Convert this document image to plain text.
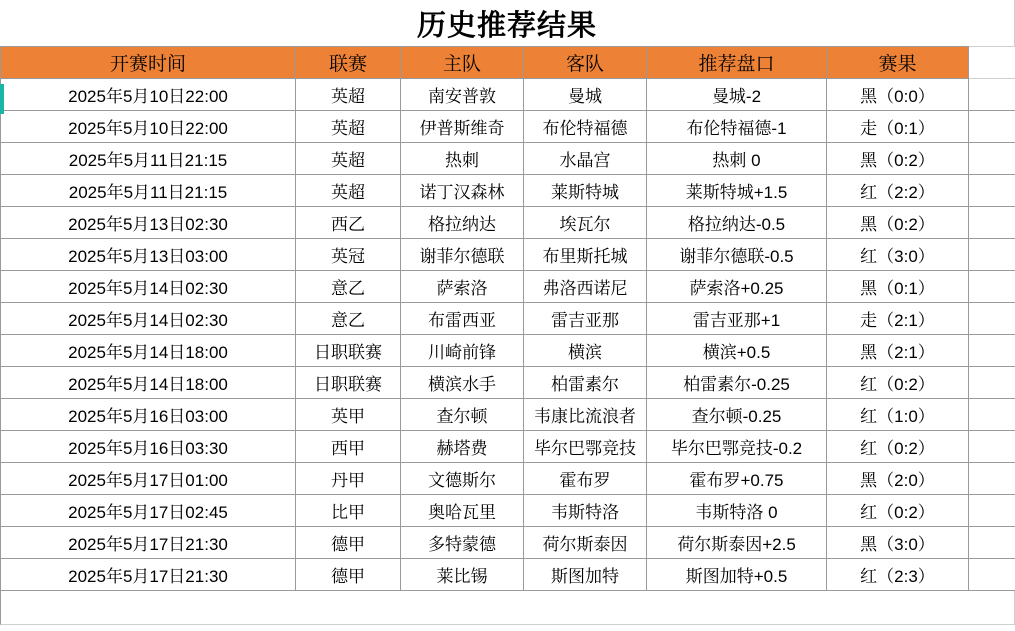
历史推荐结果
开赛时间	联赛	主队	客队	推荐盘口	赛果	
2025年5月10日22:00	英超	南安普敦	曼城	曼城-2	黑（0:0）	
2025年5月10日22:00	英超	伊普斯维奇	布伦特福德	布伦特福德-1	走（0:1）	
2025年5月11日21:15	英超	热刺	水晶宫	热刺 0	黑（0:2）	
2025年5月11日21:15	英超	诺丁汉森林	莱斯特城	莱斯特城+1.5	红（2:2）	
2025年5月13日02:30	西乙	格拉纳达	埃瓦尔	格拉纳达-0.5	黑（0:2）	
2025年5月13日03:00	英冠	谢菲尔德联	布里斯托城	谢菲尔德联-0.5	红（3:0）	
2025年5月14日02:30	意乙	萨索洛	弗洛西诺尼	萨索洛+0.25	黑（0:1）	
2025年5月14日02:30	意乙	布雷西亚	雷吉亚那	雷吉亚那+1	走（2:1）	
2025年5月14日18:00	日职联赛	川崎前锋	横滨	横滨+0.5	黑（2:1）	
2025年5月14日18:00	日职联赛	横滨水手	柏雷素尔	柏雷素尔-0.25	红（0:2）	
2025年5月16日03:00	英甲	查尔顿	韦康比流浪者	查尔顿-0.25	红（1:0）	
2025年5月16日03:30	西甲	赫塔费	毕尔巴鄂竞技	毕尔巴鄂竞技-0.2	红（0:2）	
2025年5月17日01:00	丹甲	文德斯尔	霍布罗	霍布罗+0.75	黑（2:0）	
2025年5月17日02:45	比甲	奥哈瓦里	韦斯特洛	韦斯特洛 0	红（0:2）	
2025年5月17日21:30	德甲	多特蒙德	荷尔斯泰因	荷尔斯泰因+2.5	黑（3:0）	
2025年5月17日21:30	德甲	莱比锡	斯图加特	斯图加特+0.5	红（2:3）	
